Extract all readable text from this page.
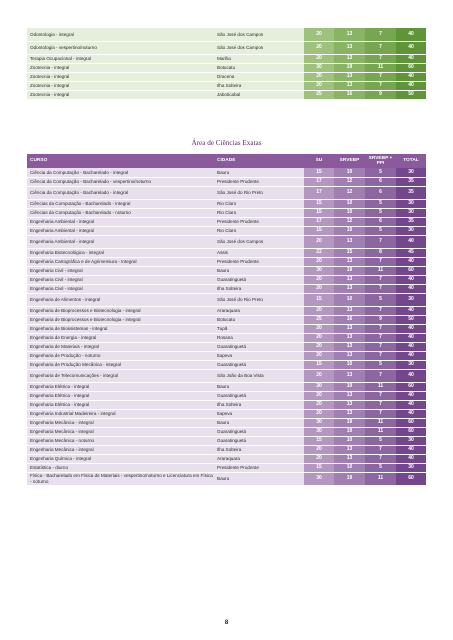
Odontologia - integral	São José dos Campos	20	13	7	40
Odontologia - vespertino/noturno	São José dos Campos	20	13	7	40
Terapia Ocupacional - integral	Marília	20	13	7	40
Zootecnia - integral	Botucatu	30	19	11	60
Zootecnia - integral	Dracena	20	13	7	40
Zootecnia - integral	Ilha Solteira	20	13	7	40
Zootecnia - integral	Jaboticabal	25	16	9	50
Área de Ciências Exatas
CURSO	CIDADE	SU	SRVEBP	SRVEBP + PPI	TOTAL
Ciência da Computação - Bacharelado - integral	Bauru	15	10	5	30
Ciência da Computação - Bacharelado - vespertino/noturno	Presidente Prudente	17	12	6	35
Ciência da Computação - Bacharelado - integral	São José do Rio Preto	17	12	6	35
Ciências da Computação - Bacharelado - integral	Rio Claro	15	10	5	30
Ciências da Computação - Bacharelado - noturno	Rio Claro	15	10	5	30
Engenharia Ambiental - integral	Presidente Prudente	17	12	6	35
Engenharia Ambiental - integral	Rio Claro	15	10	5	30
Engenharia Ambiental - integral	São José dos Campos	20	13	7	40
Engenharia Biotecnológica - integral	Assis	22	15	8	45
Engenharia Cartográfica e de Agrimensura - Integral	Presidente Prudente	20	13	7	40
Engenharia Civil - integral	Bauru	30	19	11	60
Engenharia Civil - integral	Guaratinguetá	20	13	7	40
Engenharia Civil - integral	Ilha Solteira	20	13	7	40
Engenharia de Alimentos - integral	São José do Rio Preto	15	10	5	30
Engenharia de Bioprocessos e Biotecnologia - integral	Araraquara	20	13	7	40
Engenharia de Bioprocessos e Biotecnologia - integral	Botucatu	25	16	9	50
Engenharia de Biossistemas - integral	Tupã	20	13	7	40
Engenharia de Energia - integral	Rosana	20	13	7	40
Engenharia de Materiais - integral	Guaratinguetá	20	13	7	40
Engenharia de Produção - noturno	Itapeva	20	13	7	40
Engenharia de Produção Mecânica - integral	Guaratinguetá	15	10	5	30
Engenharia de Telecomunicações - integral	São João da Boa Vista	20	13	7	40
Engenharia Elétrica - integral	Bauru	30	19	11	60
Engenharia Elétrica - integral	Guaratinguetá	20	13	7	40
Engenharia Elétrica - integral	Ilha Solteira	20	13	7	40
Engenharia Industrial Madeireira - integral	Itapeva	20	13	7	40
Engenharia Mecânica - integral	Bauru	30	19	11	60
Engenharia Mecânica - integral	Guaratinguetá	30	19	11	60
Engenharia Mecânica - noturno	Guaratinguetá	15	10	5	30
Engenharia Mecânica - integral	Ilha Solteira	20	13	7	40
Engenharia Química - integral	Araraquara	20	13	7	40
Estatística - diurno	Presidente Prudente	15	10	5	30
Física - Bacharelado em Física de Materiais - vespertino/noturno e Licenciatura em Física - noturno	Bauru	30	19	11	60
8
